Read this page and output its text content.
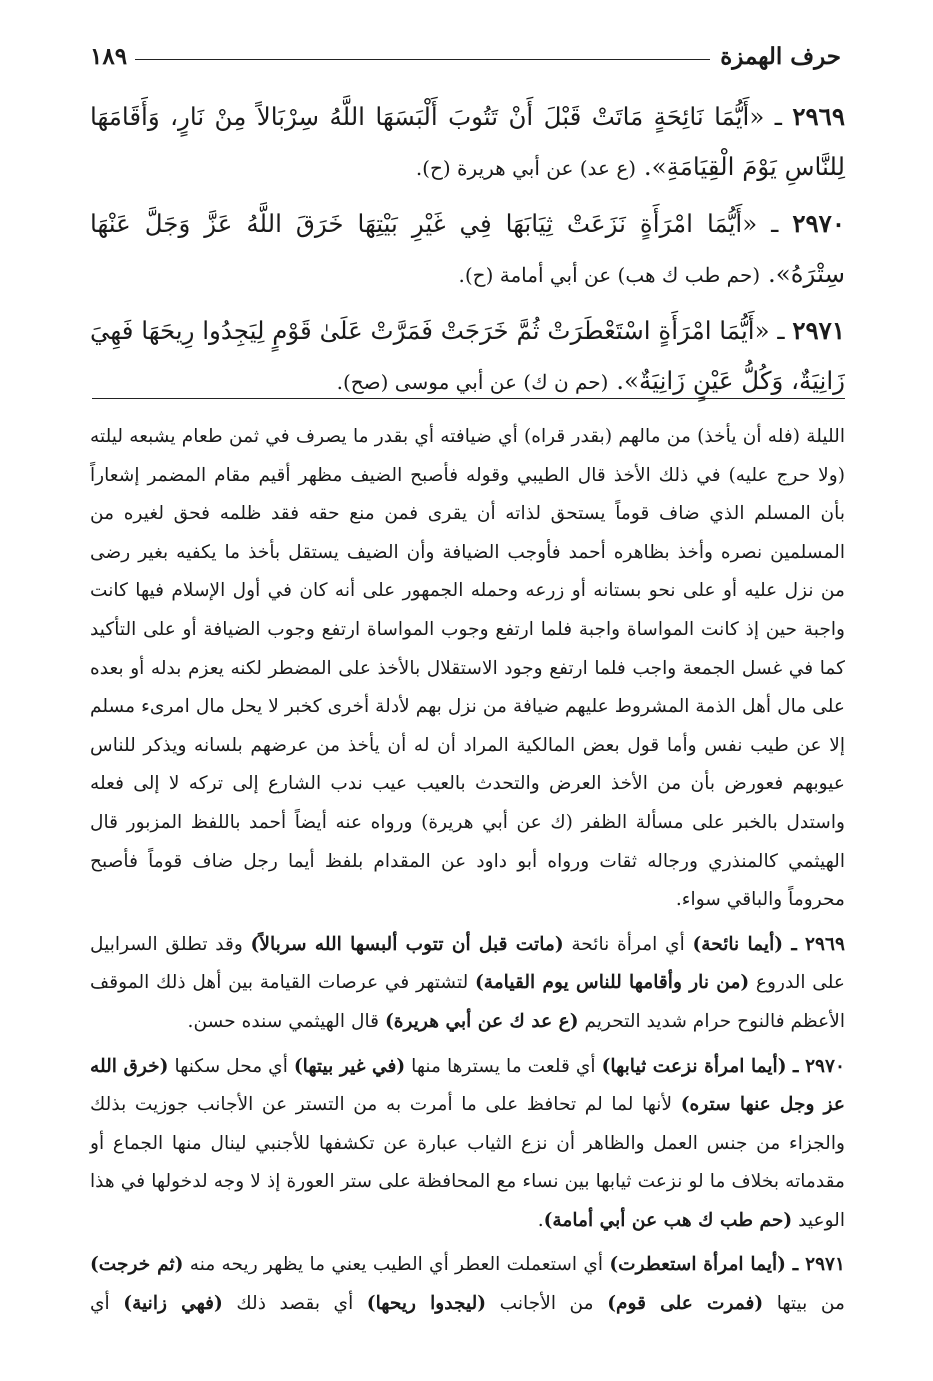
حرف الهمزة
١٨٩

٢٩٦٩ ـ «أَيُّمَا نَائِحَةٍ مَاتَتْ قَبْلَ أَنْ تَتُوبَ أَلْبَسَهَا اللَّهُ سِرْبَالاً مِنْ نَارٍ، وَأَقَامَهَا لِلنَّاسِ يَوْمَ الْقِيَامَةِ». (ع عد) عن أبي هريرة (ح).

٢٩٧٠ ـ «أَيُّمَا امْرَأَةٍ نَزَعَتْ ثِيَابَهَا فِي غَيْرِ بَيْتِهَا خَرَقَ اللَّهُ عَزَّ وَجَلَّ عَنْهَا سِتْرَهُ». (حم طب ك هب) عن أبي أمامة (ح).

٢٩٧١ ـ «أَيُّمَا امْرَأَةٍ اسْتَعْطَرَتْ ثُمَّ خَرَجَتْ فَمَرَّتْ عَلَىٰ قَوْمٍ لِيَجِدُوا رِيحَهَا فَهِيَ زَانِيَةٌ، وَكُلُّ عَيْنٍ زَانِيَةٌ». (حم ن ك) عن أبي موسى (صح).

الليلة (فله أن يأخذ) من مالهم (بقدر قراه) أي ضيافته أي بقدر ما يصرف في ثمن طعام يشبعه ليلته (ولا حرج عليه) في ذلك الأخذ قال الطيبي وقوله فأصبح الضيف مظهر أقيم مقام المضمر إشعاراً بأن المسلم الذي ضاف قوماً يستحق لذاته أن يقرى فمن منع حقه فقد ظلمه فحق لغيره من المسلمين نصره وأخذ بظاهره أحمد فأوجب الضيافة وأن الضيف يستقل بأخذ ما يكفيه بغير رضى من نزل عليه أو على نحو بستانه أو زرعه وحمله الجمهور على أنه كان في أول الإسلام فيها كانت واجبة حين إذ كانت المواساة واجبة فلما ارتفع وجوب المواساة ارتفع وجوب الضيافة أو على التأكيد كما في غسل الجمعة واجب فلما ارتفع وجود الاستقلال بالأخذ على المضطر لكنه يعزم بدله أو بعده على مال أهل الذمة المشروط عليهم ضيافة من نزل بهم لأدلة أخرى كخبر لا يحل مال امرىء مسلم إلا عن طيب نفس وأما قول بعض المالكية المراد أن له أن يأخذ من عرضهم بلسانه ويذكر للناس عيوبهم فعورض بأن من الأخذ العرض والتحدث بالعيب عيب ندب الشارع إلى تركه لا إلى فعله واستدل بالخبر على مسألة الظفر (ك عن أبي هريرة) ورواه عنه أيضاً أحمد باللفظ المزبور قال الهيثمي كالمنذري ورجاله ثقات ورواه أبو داود عن المقدام بلفظ أيما رجل ضاف قوماً فأصبح محروماً والباقي سواء.

٢٩٦٩ ـ (أيما نائحة) أي امرأة نائحة (ماتت قبل أن تتوب ألبسها الله سربالاً) وقد تطلق السرابيل على الدروع (من نار وأقامها للناس يوم القيامة) لتشتهر في عرصات القيامة بين أهل ذلك الموقف الأعظم فالنوح حرام شديد التحريم (ع عد ك عن أبي هريرة) قال الهيثمي سنده حسن.

٢٩٧٠ ـ (أيما امرأة نزعت ثيابها) أي قلعت ما يسترها منها (في غير بيتها) أي محل سكنها (خرق الله عز وجل عنها ستره) لأنها لما لم تحافظ على ما أمرت به من التستر عن الأجانب جوزيت بذلك والجزاء من جنس العمل والظاهر أن نزع الثياب عبارة عن تكشفها للأجنبي لينال منها الجماع أو مقدماته بخلاف ما لو نزعت ثيابها بين نساء مع المحافظة على ستر العورة إذ لا وجه لدخولها في هذا الوعيد (حم طب ك هب عن أبي أمامة).

٢٩٧١ ـ (أيما امرأة استعطرت) أي استعملت العطر أي الطيب يعني ما يظهر ريحه منه (ثم خرجت) من بيتها (فمرت على قوم) من الأجانب (ليجدوا ريحها) أي بقصد ذلك (فهي زانية) أي
